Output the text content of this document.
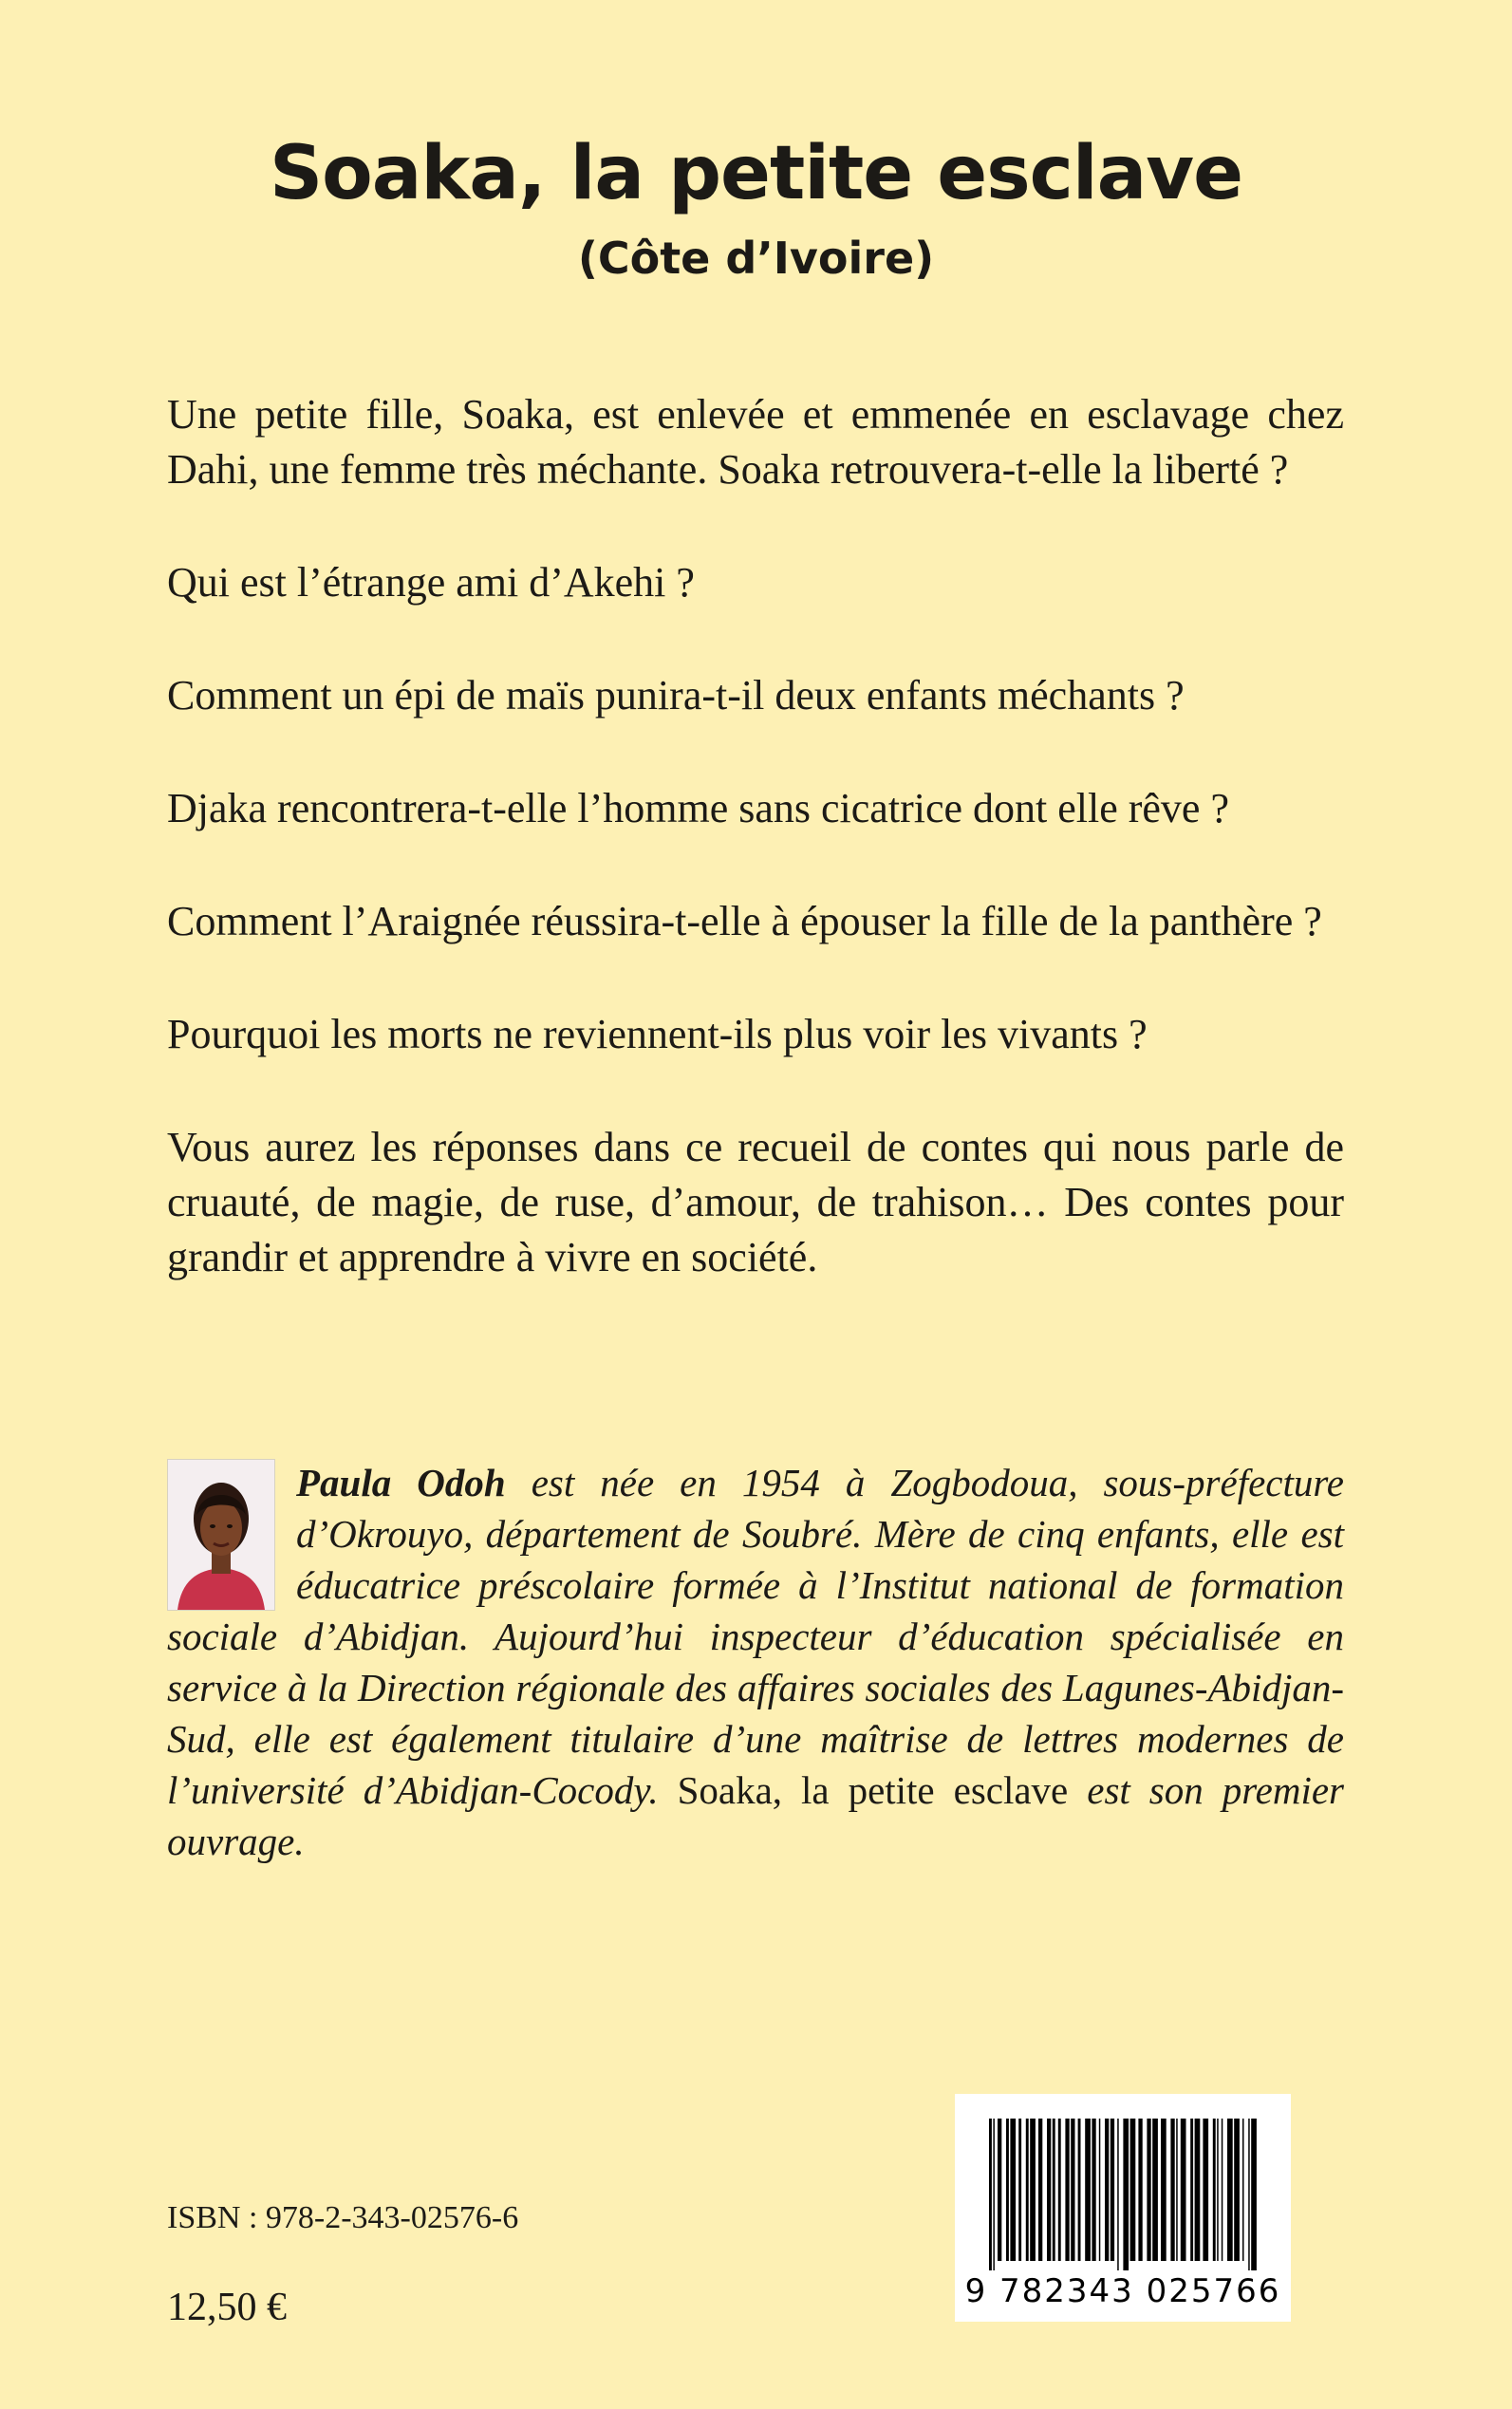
Soaka, la petite esclave
(Côte d’Ivoire)

Une petite fille, Soaka, est enlevée et emmenée en esclavage chez Dahi, une femme très méchante. Soaka retrouvera-t-elle la liberté ?

Qui est l’étrange ami d’Akehi ?

Comment un épi de maïs punira-t-il deux enfants méchants ?

Djaka rencontrera-t-elle l’homme sans cicatrice dont elle rêve ?

Comment l’Araignée réussira-t-elle à épouser la fille de la panthère ?

Pourquoi les morts ne reviennent-ils plus voir les vivants ?

Vous aurez les réponses dans ce recueil de contes qui nous parle de cruauté, de magie, de ruse, d’amour, de trahison… Des contes pour grandir et apprendre à vivre en société.

Paula Odoh est née en 1954 à Zogbodoua, sous-préfecture d’Okrouyo, département de Soubré. Mère de cinq enfants, elle est éducatrice préscolaire formée à l’Institut national de formation sociale d’Abidjan. Aujourd’hui inspecteur d’éducation spécialisée en service à la Direction régionale des affaires sociales des Lagunes-Abidjan-Sud, elle est également titulaire d’une maîtrise de lettres modernes de l’université d’Abidjan-Cocody. Soaka, la petite esclave est son premier ouvrage.
ISBN : 978-2-343-02576-6
12,50 €	9 782343 025766
